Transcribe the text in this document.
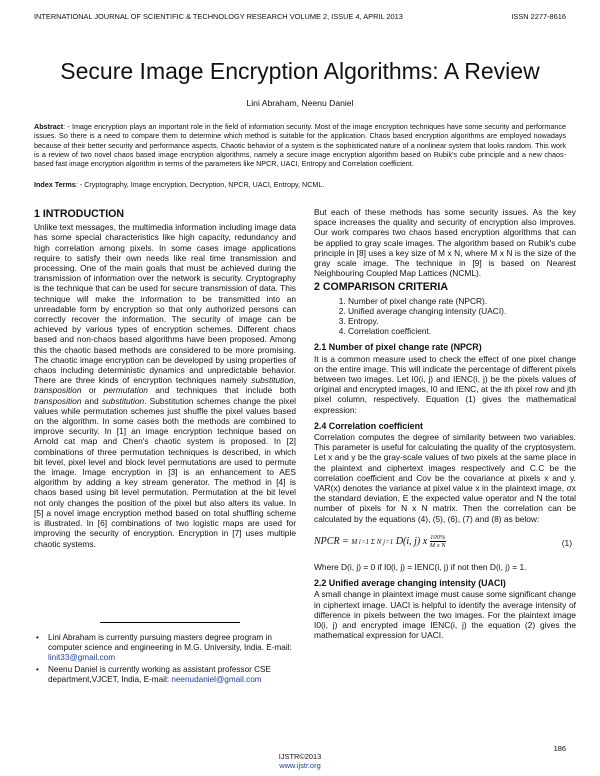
INTERNATIONAL JOURNAL OF SCIENTIFIC & TECHNOLOGY RESEARCH VOLUME 2, ISSUE 4, APRIL 2013	ISSN 2277-8616
Secure Image Encryption Algorithms: A Review
Lini Abraham, Neenu Daniel

Abstract: - Image encryption plays an important role in the field of information security. Most of the image encryption techniques have some security and performance issues. So there is a need to compare them to determine which method is suitable for the application. Chaos based encryption algorithms are employed nowadays because of their better security and performance aspects. Chaotic behavior of a system is the sophisticated nature of a nonlinear system that looks random. This work is a review of two novel chaos based image encryption algorithms, namely a secure image encryption algorithm based on Rubik's cube principle and a new chaos-based fast image encryption algorithm in terms of the parameters like NPCR, UACI, Entropy and Correlation coefficient.

Index Terms: - Cryptography, Image encryption, Decryption, NPCR, UACI, Entropy, NCML.

1 INTRODUCTION

Unlike text messages, the multimedia information including image data has some special characteristics like high capacity, redundancy and high correlation among pixels. In some cases image applications require to satisfy their own needs like real time transmission and processing. One of the main goals that must be achieved during the transmission of information over the network is security. Cryptography is the technique that can be used for secure transmission of data. This technique will make the information to be transmitted into an unreadable form by encryption so that only authorized persons can correctly recover the information. The security of image can be achieved by various types of encryption schemes. Different chaos based and non-chaos based algorithms have been proposed. Among this the chaotic based methods are considered to be more promising. The chaotic image encryption can be developed by using properties of chaos including deterministic dynamics and unpredictable behavior. There are three kinds of encryption techniques namely substitution, transposition or permutation and techniques that include both transposition and substitution. Substitution schemes change the pixel values while permutation schemes just shuffle the pixel values based on the algorithm. In some cases both the methods are combined to improve security. In [1] an image encryption technique based on Arnold cat map and Chen's chaotic system is proposed. In [2] combinations of three permutation techniques is described, in which bit level, pixel level and block level permutations are used to permute the image. Image encryption in [3] is an enhancement to AES algorithm by adding a key stream generator. The method in [4] is chaos based using bit level permutation. Permutation at the bit level not only changes the position of the pixel but also alters its value. In [5] a novel image encryption method based on total shuffling scheme is illustrated. In [6] combinations of two logistic maps are used for improving the security of encryption. Encryption in [7] uses multiple chaotic systems.

• Lini Abraham is currently pursuing masters degree program in computer science and engineering in M.G. University, India. E-mail: linit33@gmail.com
• Neenu Daniel is currently working as assistant professor CSE department,VJCET, India, E-mail: neenudaniel@gmail.com

But each of these methods has some security issues. As the key space increases the quality and security of encryption also improves. Our work compares two chaos based encryption algorithms that can be applied to gray scale images. The algorithm based on Rubik's cube principle in [8] uses a key size of M x N, where M x N is the size of the gray scale image. The technique in [9] is based on Nearest Neighbouring Coupled Map Lattices (NCML).

2 COMPARISON CRITERIA
1. Number of pixel change rate (NPCR).
2. Unified average changing intensity (UACI).
3. Entropy.
4. Correlation coefficient.
2.1 Number of pixel change rate (NPCR)

It is a common measure used to check the effect of one pixel change on the entire image. This will indicate the percentage of different pixels between two images. Let I0(i, j) and IENC(i, j) be the pixels values of original and encrypted images, I0 and IENC, at the ith pixel row and jth pixel column, respectively. Equation (1) gives the mathematical expression:

2.4 Correlation coefficient

Correlation computes the degree of similarity between two variables. This parameter is useful for calculating the quality of the cryptosystem. Let x and y be the gray-scale values of two pixels at the same place in the plaintext and ciphertext images respectively and C.C be the correlation coefficient and Cov be the covariance at pixels x and y. VAR(x) denotes the variance at pixel value x in the plaintext image, σx the standard deviation, E the expected value operator and N the total number of pixels for N x N matrix. Then the correlation can be calculated by the equations (4), (5), (6), (7) and (8) as below:

NPCR = M i=1 Σ N j=1 D(i, j) x $\frac{100\%}{\text{M x N}}$	(1)

Where D(i, j) = 0 if I0(i, j) = IENC(i, j) if not then D(i, j) = 1.

2.2 Unified average changing intensity (UACI)

A small change in plaintext image must cause some significant change in ciphertext image. UACI is helpful to identify the average intensity of difference in pixels between the two images. For the plaintext image I0(i, j) and encrypted image IENC(i, j) the equation (2) gives the mathematical expression for UACI.

186
IJSTR©2013
www.ijstr.org
